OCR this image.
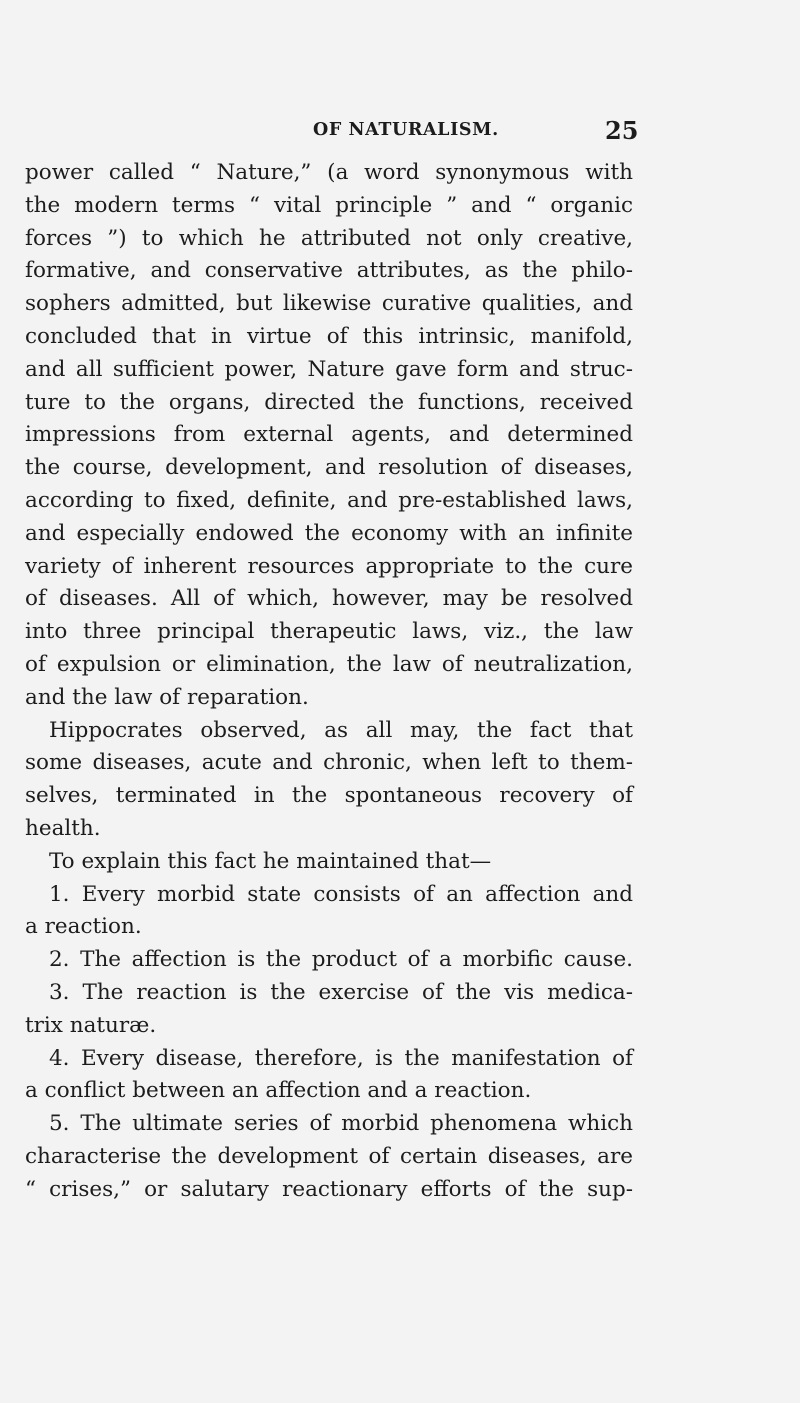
OF NATURALISM.	25
power called “ Nature,” (a word synonymous with
the modern terms “ vital principle ” and “ organic
forces ”) to which he attributed not only creative,
formative, and conservative attributes, as the philo-
sophers admitted, but likewise curative qualities, and
concluded that in virtue of this intrinsic, manifold,
and all sufficient power, Nature gave form and struc-
ture to the organs, directed the functions, received
impressions from external agents, and determined
the course, development, and resolution of diseases,
according to fixed, definite, and pre-established laws,
and especially endowed the economy with an infinite
variety of inherent resources appropriate to the cure
of diseases. All of which, however, may be resolved
into three principal therapeutic laws, viz., the law
of expulsion or elimination, the law of neutralization,
and the law of reparation.
Hippocrates observed, as all may, the fact that
some diseases, acute and chronic, when left to them-
selves, terminated in the spontaneous recovery of
health.
To explain this fact he maintained that—
1. Every morbid state consists of an affection and
a reaction.
2. The affection is the product of a morbific cause.
3. The reaction is the exercise of the vis medica-
trix naturæ.
4. Every disease, therefore, is the manifestation of
a conflict between an affection and a reaction.
5. The ultimate series of morbid phenomena which
characterise the development of certain diseases, are
“ crises,” or salutary reactionary efforts of the sup-
